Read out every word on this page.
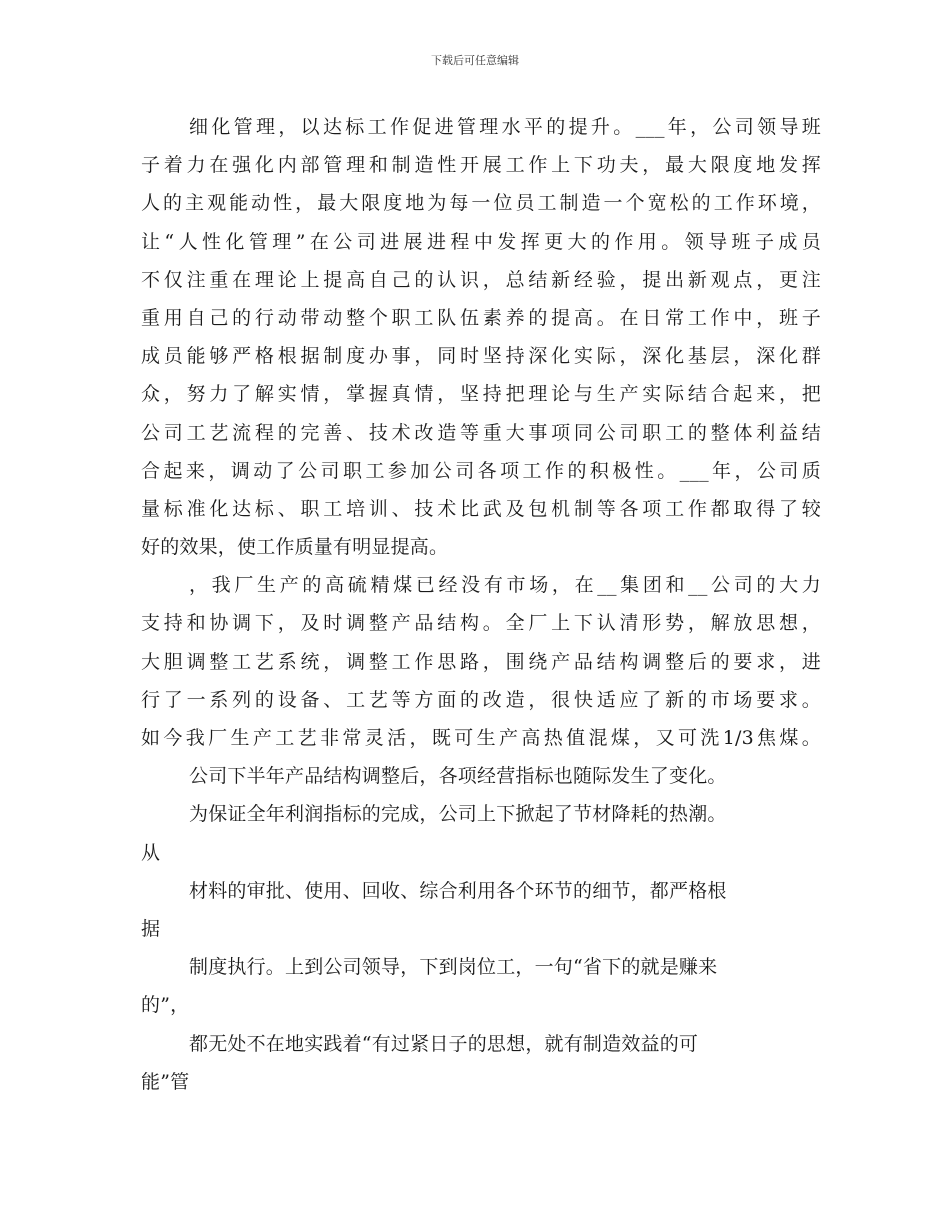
下载后可任意编辑
细化管理，以达标工作促进管理水平的提升。___年，公司领导班
子着力在强化内部管理和制造性开展工作上下功夫，最大限度地发挥
人的主观能动性，最大限度地为每一位员工制造一个宽松的工作环境，
让“人性化管理”在公司进展进程中发挥更大的作用。领导班子成员
不仅注重在理论上提高自己的认识，总结新经验，提出新观点，更注
重用自己的行动带动整个职工队伍素养的提高。在日常工作中，班子
成员能够严格根据制度办事，同时坚持深化实际，深化基层，深化群
众，努力了解实情，掌握真情，坚持把理论与生产实际结合起来，把
公司工艺流程的完善、技术改造等重大事项同公司职工的整体利益结
合起来，调动了公司职工参加公司各项工作的积极性。___年，公司质
量标准化达标、职工培训、技术比武及包机制等各项工作都取得了较
好的效果，使工作质量有明显提高。
，我厂生产的高硫精煤已经没有市场，在__集团和__公司的大力
支持和协调下，及时调整产品结构。全厂上下认清形势，解放思想，
大胆调整工艺系统，调整工作思路，围绕产品结构调整后的要求，进
行了一系列的设备、工艺等方面的改造，很快适应了新的市场要求。
如今我厂生产工艺非常灵活，既可生产高热值混煤，又可洗1/3焦煤。
公司下半年产品结构调整后，各项经营指标也随际发生了变化。
为保证全年利润指标的完成，公司上下掀起了节材降耗的热潮。
从
材料的审批、使用、回收、综合利用各个环节的细节，都严格根
据
制度执行。上到公司领导，下到岗位工，一句“省下的就是赚来
的”，
都无处不在地实践着“有过紧日子的思想，就有制造效益的可
能”管
